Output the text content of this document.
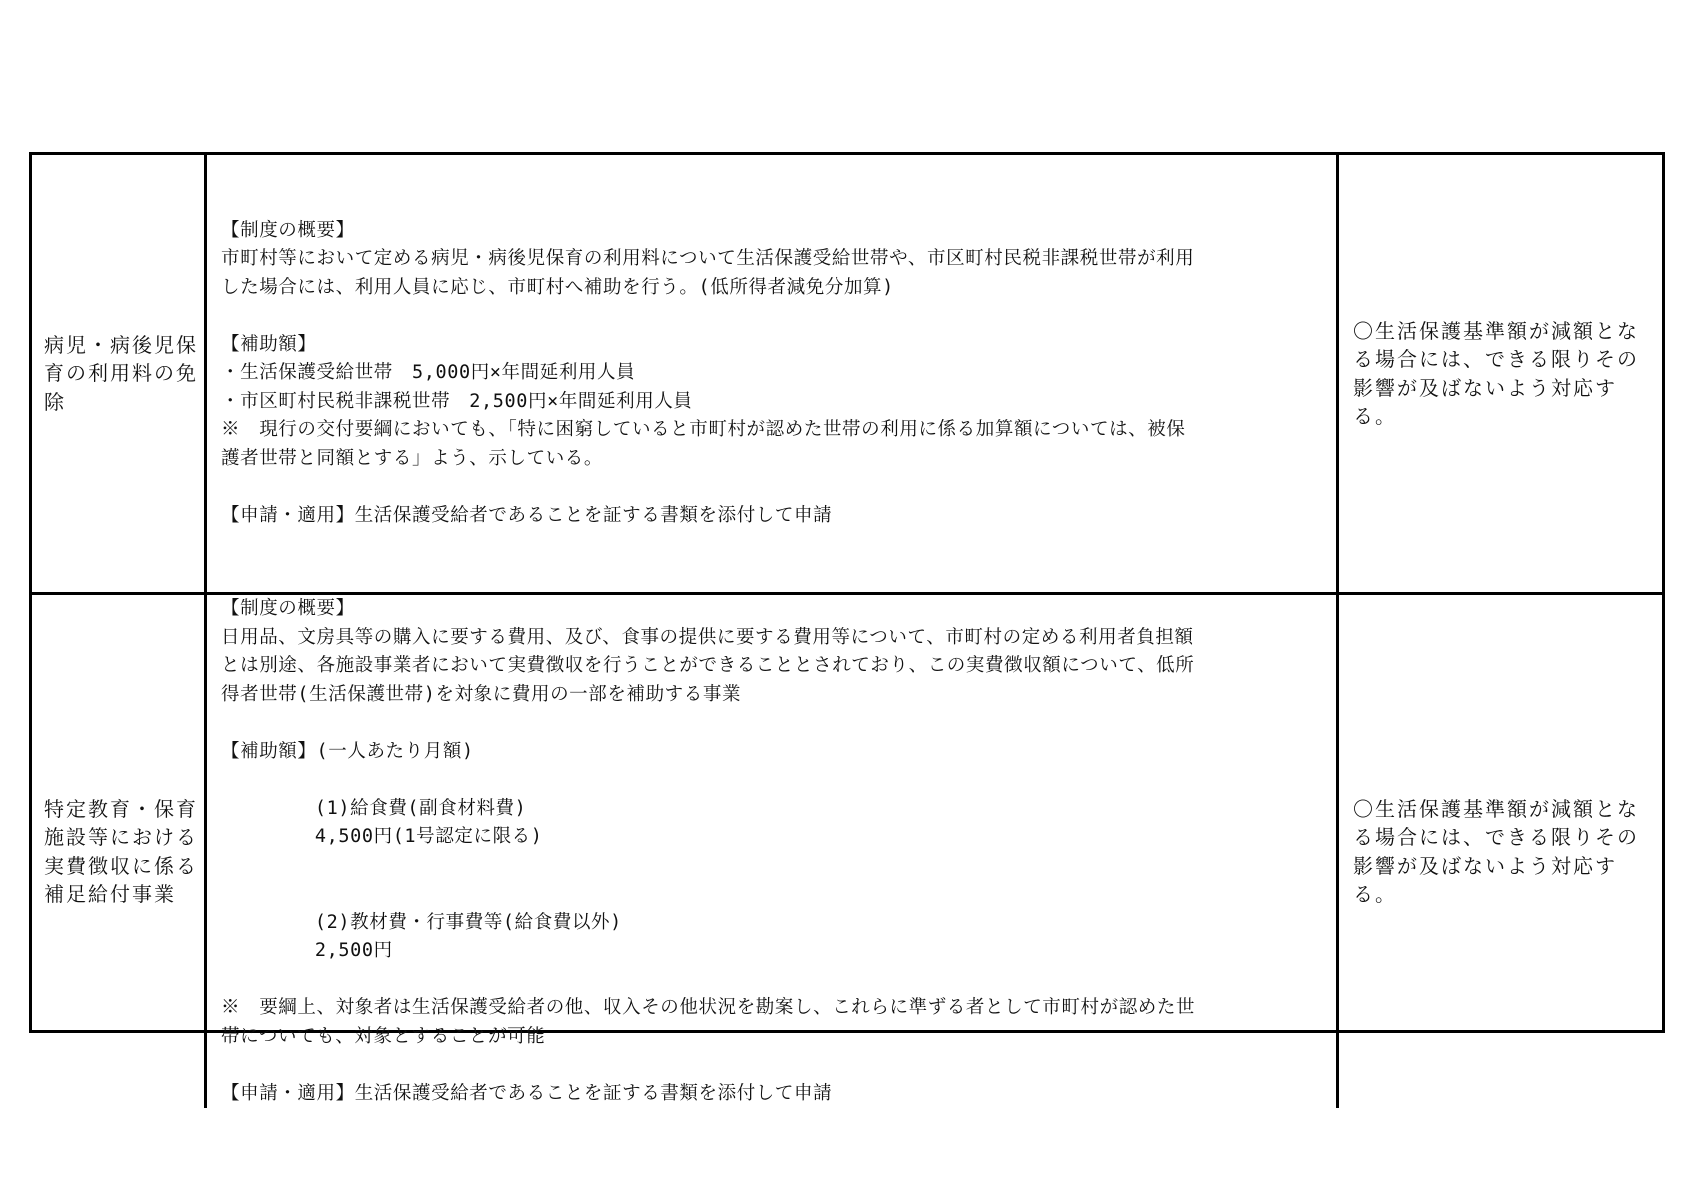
病児・病後児保育の利用料の免除
【制度の概要】
市町村等において定める病児・病後児保育の利用料について生活保護受給世帯や、市区町村民税非課税世帯が利用
した場合には、利用人員に応じ、市町村へ補助を行う。(低所得者減免分加算)
【補助額】
・生活保護受給世帯　5,000円×年間延利用人員
・市区町村民税非課税世帯　2,500円×年間延利用人員
※　現行の交付要綱においても、「特に困窮していると市町村が認めた世帯の利用に係る加算額については、被保
護者世帯と同額とする」よう、示している。
【申請・適用】生活保護受給者であることを証する書類を添付して申請
〇生活保護基準額が減額となる場合には、できる限りその影響が及ばないよう対応する。
特定教育・保育施設等における実費徴収に係る補足給付事業
【制度の概要】
日用品、文房具等の購入に要する費用、及び、食事の提供に要する費用等について、市町村の定める利用者負担額
とは別途、各施設事業者において実費徴収を行うことができることとされており、この実費徴収額について、低所
得者世帯(生活保護世帯)を対象に費用の一部を補助する事業
【補助額】(一人あたり月額)

(1)給食費(副食材料費)
4,500円(1号認定に限る)

(2)教材費・行事費等(給食費以外)
2,500円

※　要綱上、対象者は生活保護受給者の他、収入その他状況を勘案し、これらに準ずる者として市町村が認めた世
帯についても、対象とすることが可能
【申請・適用】生活保護受給者であることを証する書類を添付して申請
〇生活保護基準額が減額となる場合には、できる限りその影響が及ばないよう対応する。
